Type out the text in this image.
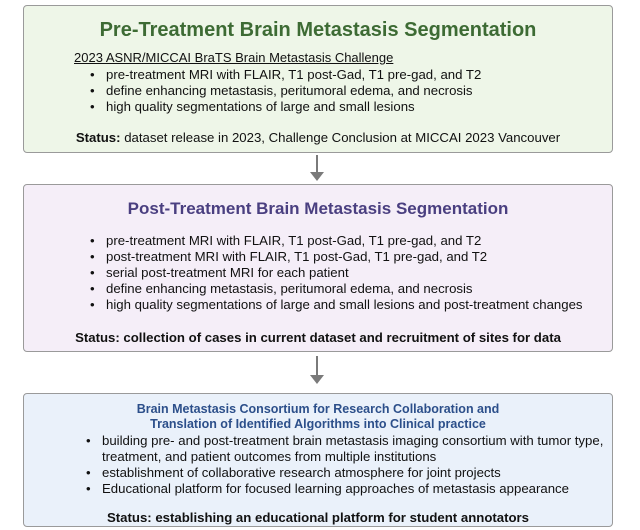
Pre-Treatment Brain Metastasis Segmentation
2023 ASNR/MICCAI BraTS Brain Metastasis Challenge
• pre-treatment MRI with FLAIR, T1 post-Gad, T1 pre-gad, and T2
• define enhancing metastasis, peritumoral edema, and necrosis
• high quality segmentations of large and small lesions
Status: dataset release in 2023, Challenge Conclusion at MICCAI 2023 Vancouver
Post-Treatment Brain Metastasis Segmentation
• pre-treatment MRI with FLAIR, T1 post-Gad, T1 pre-gad, and T2
• post-treatment MRI with FLAIR, T1 post-Gad, T1 pre-gad, and T2
• serial post-treatment MRI for each patient
• define enhancing metastasis, peritumoral edema, and necrosis
• high quality segmentations of large and small lesions and post-treatment changes
Status: collection of cases in current dataset and recruitment of sites for data
Brain Metastasis Consortium for Research Collaboration and
Translation of Identified Algorithms into Clinical practice
• building pre- and post-treatment brain metastasis imaging consortium with tumor type, treatment, and patient outcomes from multiple institutions
• establishment of collaborative research atmosphere for joint projects
• Educational platform for focused learning approaches of metastasis appearance
Status: establishing an educational platform for student annotators
